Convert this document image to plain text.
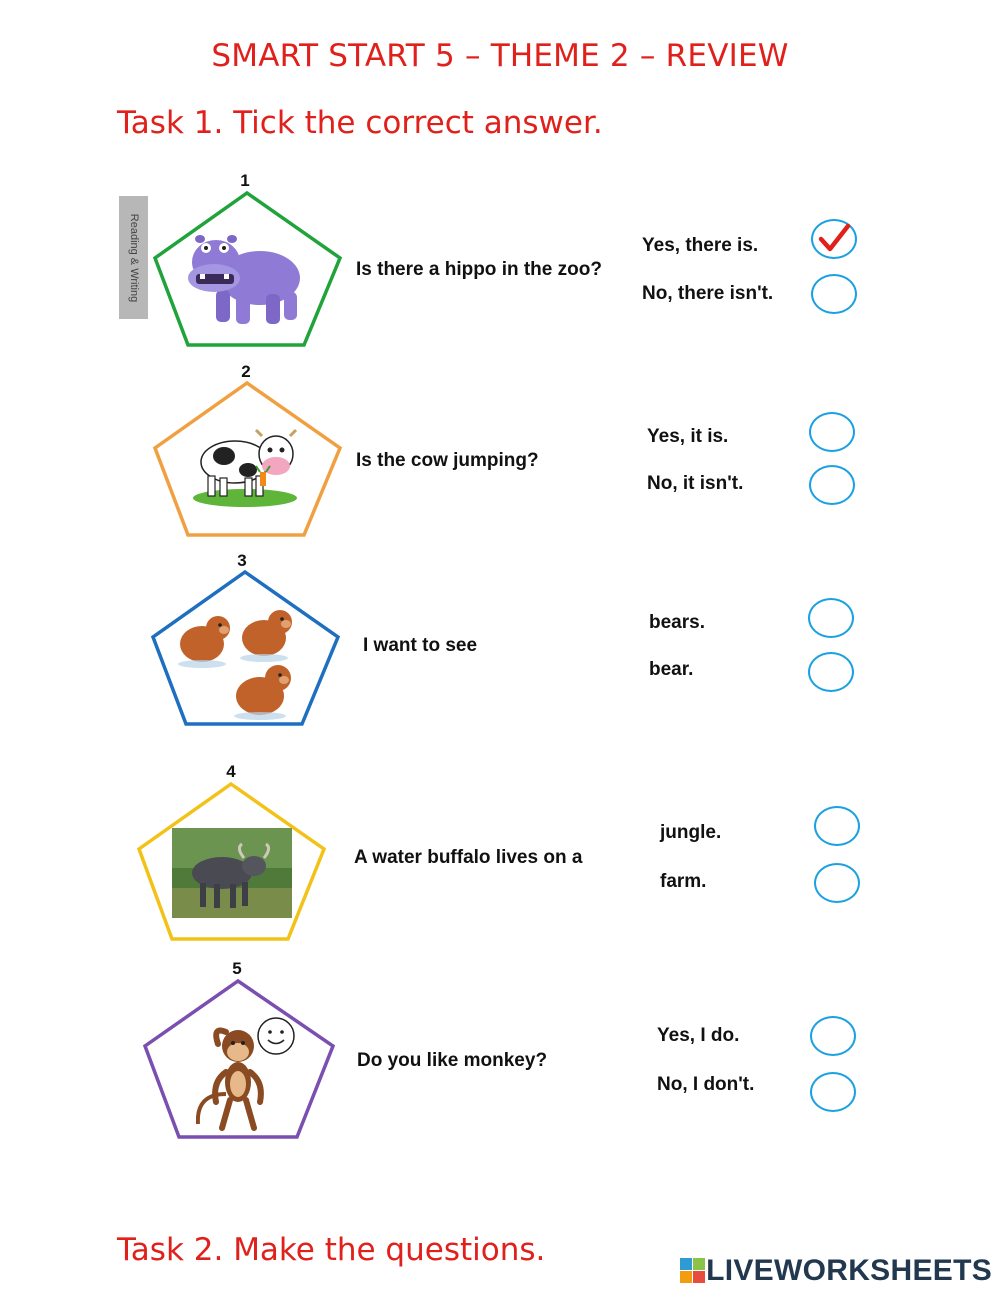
SMART START 5 – THEME 2 – REVIEW
Task 1. Tick the correct answer.
Reading & Writing
1
Is there a hippo in the zoo?
Yes, there is.
No, there isn't.
2
Is the cow jumping?
Yes, it is.
No, it isn't.
3
I want to see
bears.
bear.
4
A water buffalo lives on a
jungle.
farm.
5
Do you like monkey?
Yes, I do.
No, I don't.
Task 2. Make the questions.
LIVEWORKSHEETS
